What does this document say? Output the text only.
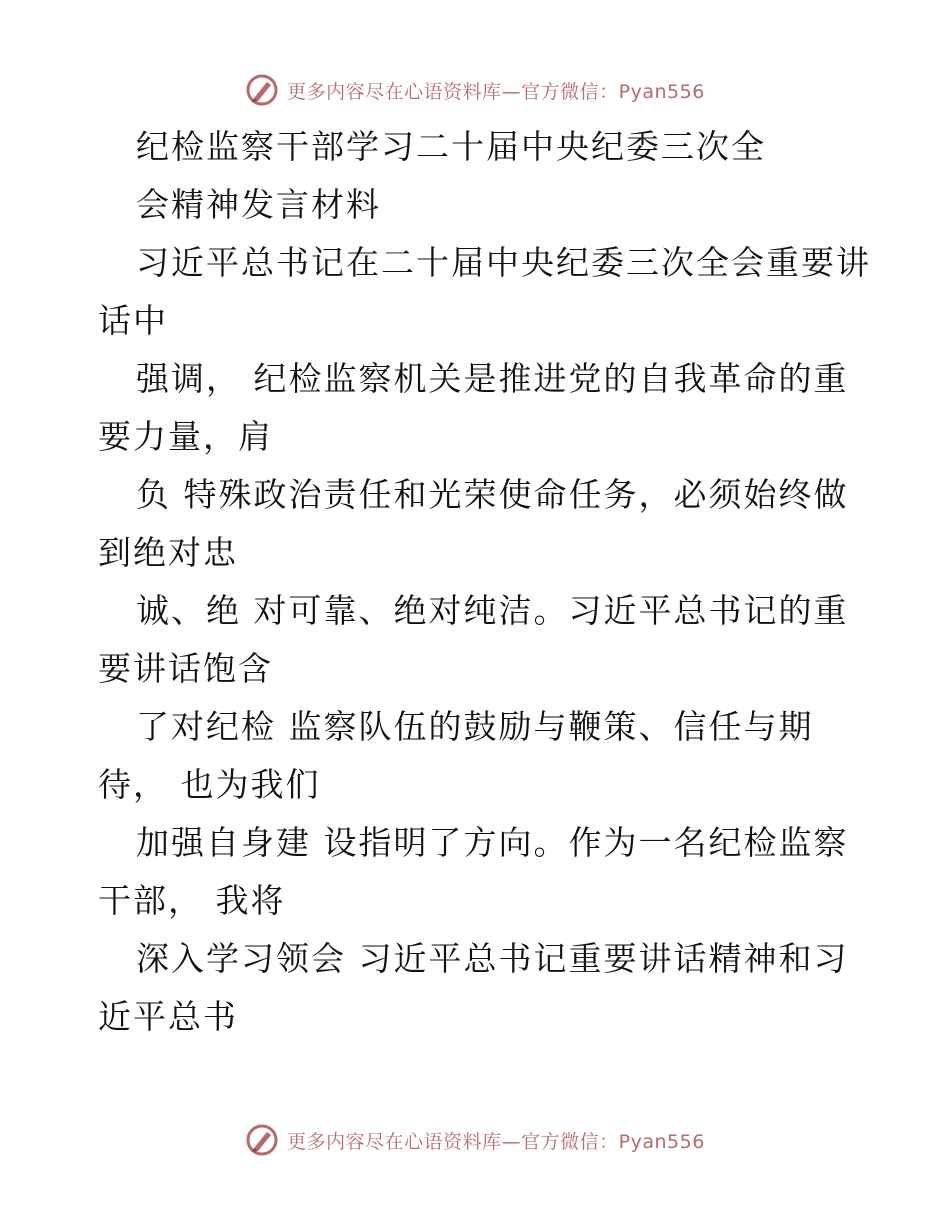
更多内容尽在心语资料库—官方微信：Pyan556
纪检监察干部学习二十届中央纪委三次全
会精神发言材料
习近平总书记在二十届中央纪委三次全会重要讲
话中
强调， 纪检监察机关是推进党的自我革命的重
要力量，肩
负 特殊政治责任和光荣使命任务，必须始终做
到绝对忠
诚、绝 对可靠、绝对纯洁。习近平总书记的重
要讲话饱含
了对纪检 监察队伍的鼓励与鞭策、信任与期
待， 也为我们
加强自身建 设指明了方向。作为一名纪检监察
干部， 我将
深入学习领会 习近平总书记重要讲话精神和习
近平总书
更多内容尽在心语资料库—官方微信：Pyan556
